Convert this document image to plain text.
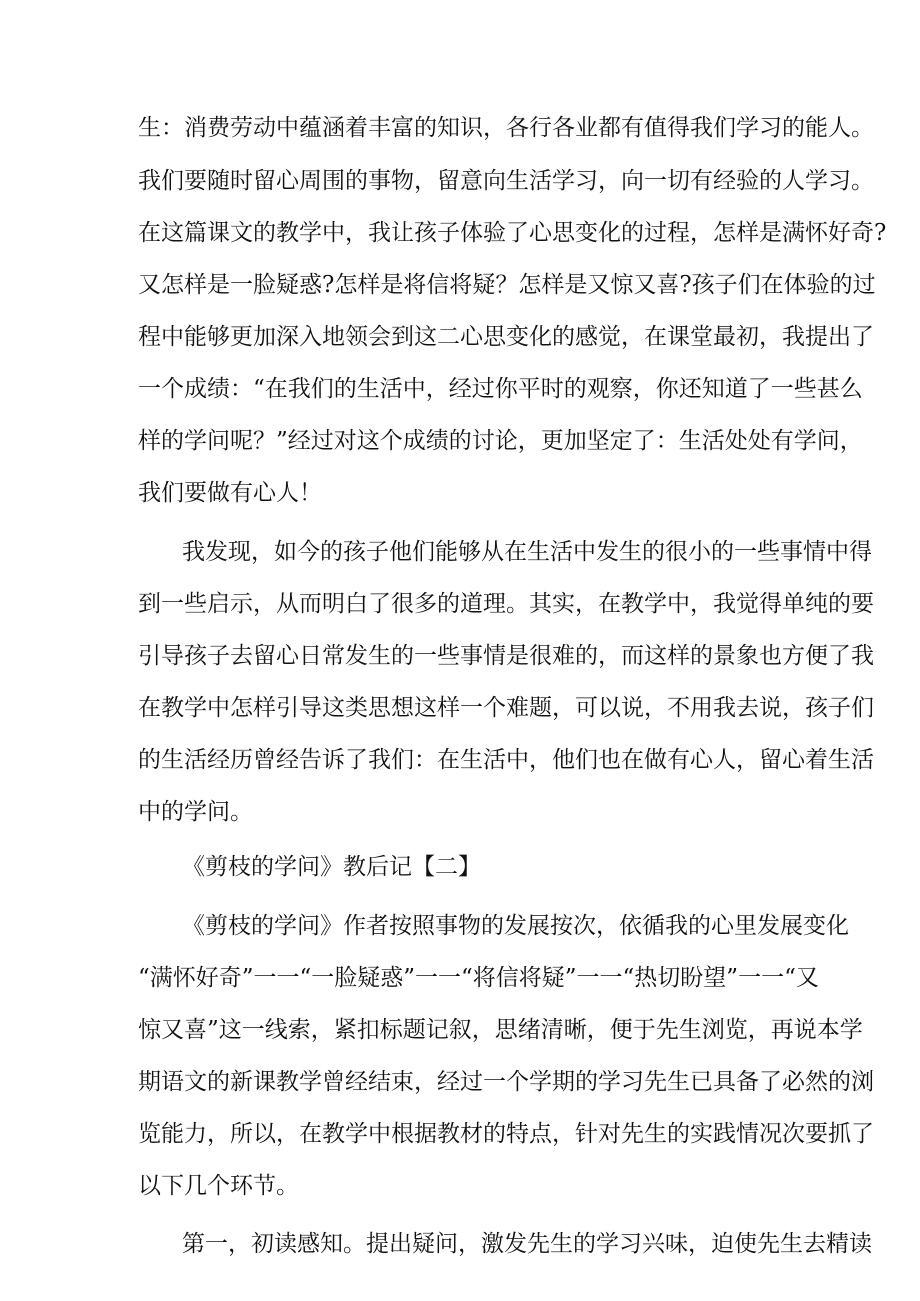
生：消费劳动中蕴涵着丰富的知识，各行各业都有值得我们学习的能人。
我们要随时留心周围的事物，留意向生活学习，向一切有经验的人学习。
在这篇课文的教学中，我让孩子体验了心思变化的过程，怎样是满怀好奇?
又怎样是一脸疑惑?怎样是将信将疑？怎样是又惊又喜?孩子们在体验的过
程中能够更加深入地领会到这二心思变化的感觉，在课堂最初，我提出了
一个成绩：“在我们的生活中，经过你平时的观察，你还知道了一些甚么
样的学问呢？”经过对这个成绩的讨论，更加坚定了：生活处处有学问，
我们要做有心人！
我发现，如今的孩子他们能够从在生活中发生的很小的一些事情中得
到一些启示，从而明白了很多的道理。其实，在教学中，我觉得单纯的要
引导孩子去留心日常发生的一些事情是很难的，而这样的景象也方便了我
在教学中怎样引导这类思想这样一个难题，可以说，不用我去说，孩子们
的生活经历曾经告诉了我们：在生活中，他们也在做有心人，留心着生活
中的学问。
《剪枝的学问》教后记【二】
《剪枝的学问》作者按照事物的发展按次，依循我的心里发展变化
“满怀好奇”一一“一脸疑惑”一一“将信将疑”一一“热切盼望”一一“又
惊又喜”这一线索，紧扣标题记叙，思绪清晰，便于先生浏览，再说本学
期语文的新课教学曾经结束，经过一个学期的学习先生已具备了必然的浏
览能力，所以，在教学中根据教材的特点，针对先生的实践情况次要抓了
以下几个环节。
第一，初读感知。提出疑问，激发先生的学习兴味，迫使先生去精读
